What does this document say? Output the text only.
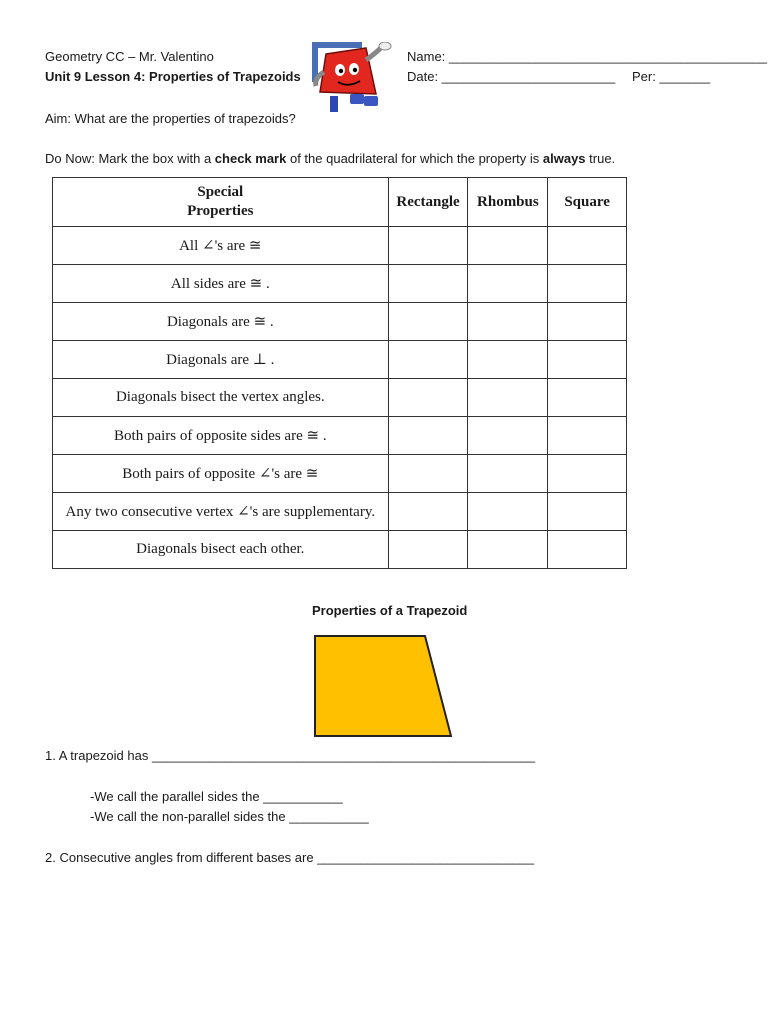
Geometry CC – Mr. Valentino
Unit 9 Lesson 4: Properties of Trapezoids
Name: ____________________________________________
Date: ________________________ Per: _______
Aim: What are the properties of trapezoids?
Do Now: Mark the box with a check mark of the quadrilateral for which the property is always true.
Special
Properties	Rectangle	Rhombus	Square
All ∠'s are ≅			
All sides are ≅ .			
Diagonals are ≅ .			
Diagonals are ⊥ .			
Diagonals bisect the vertex angles.			
Both pairs of opposite sides are ≅ .			
Both pairs of opposite ∠'s are ≅			
Any two consecutive vertex ∠'s are supplementary.			
Diagonals bisect each other.			
Properties of a Trapezoid
1. A trapezoid has _____________________________________________________
-We call the parallel sides the ___________
-We call the non-parallel sides the ___________
2. Consecutive angles from different bases are ______________________________
